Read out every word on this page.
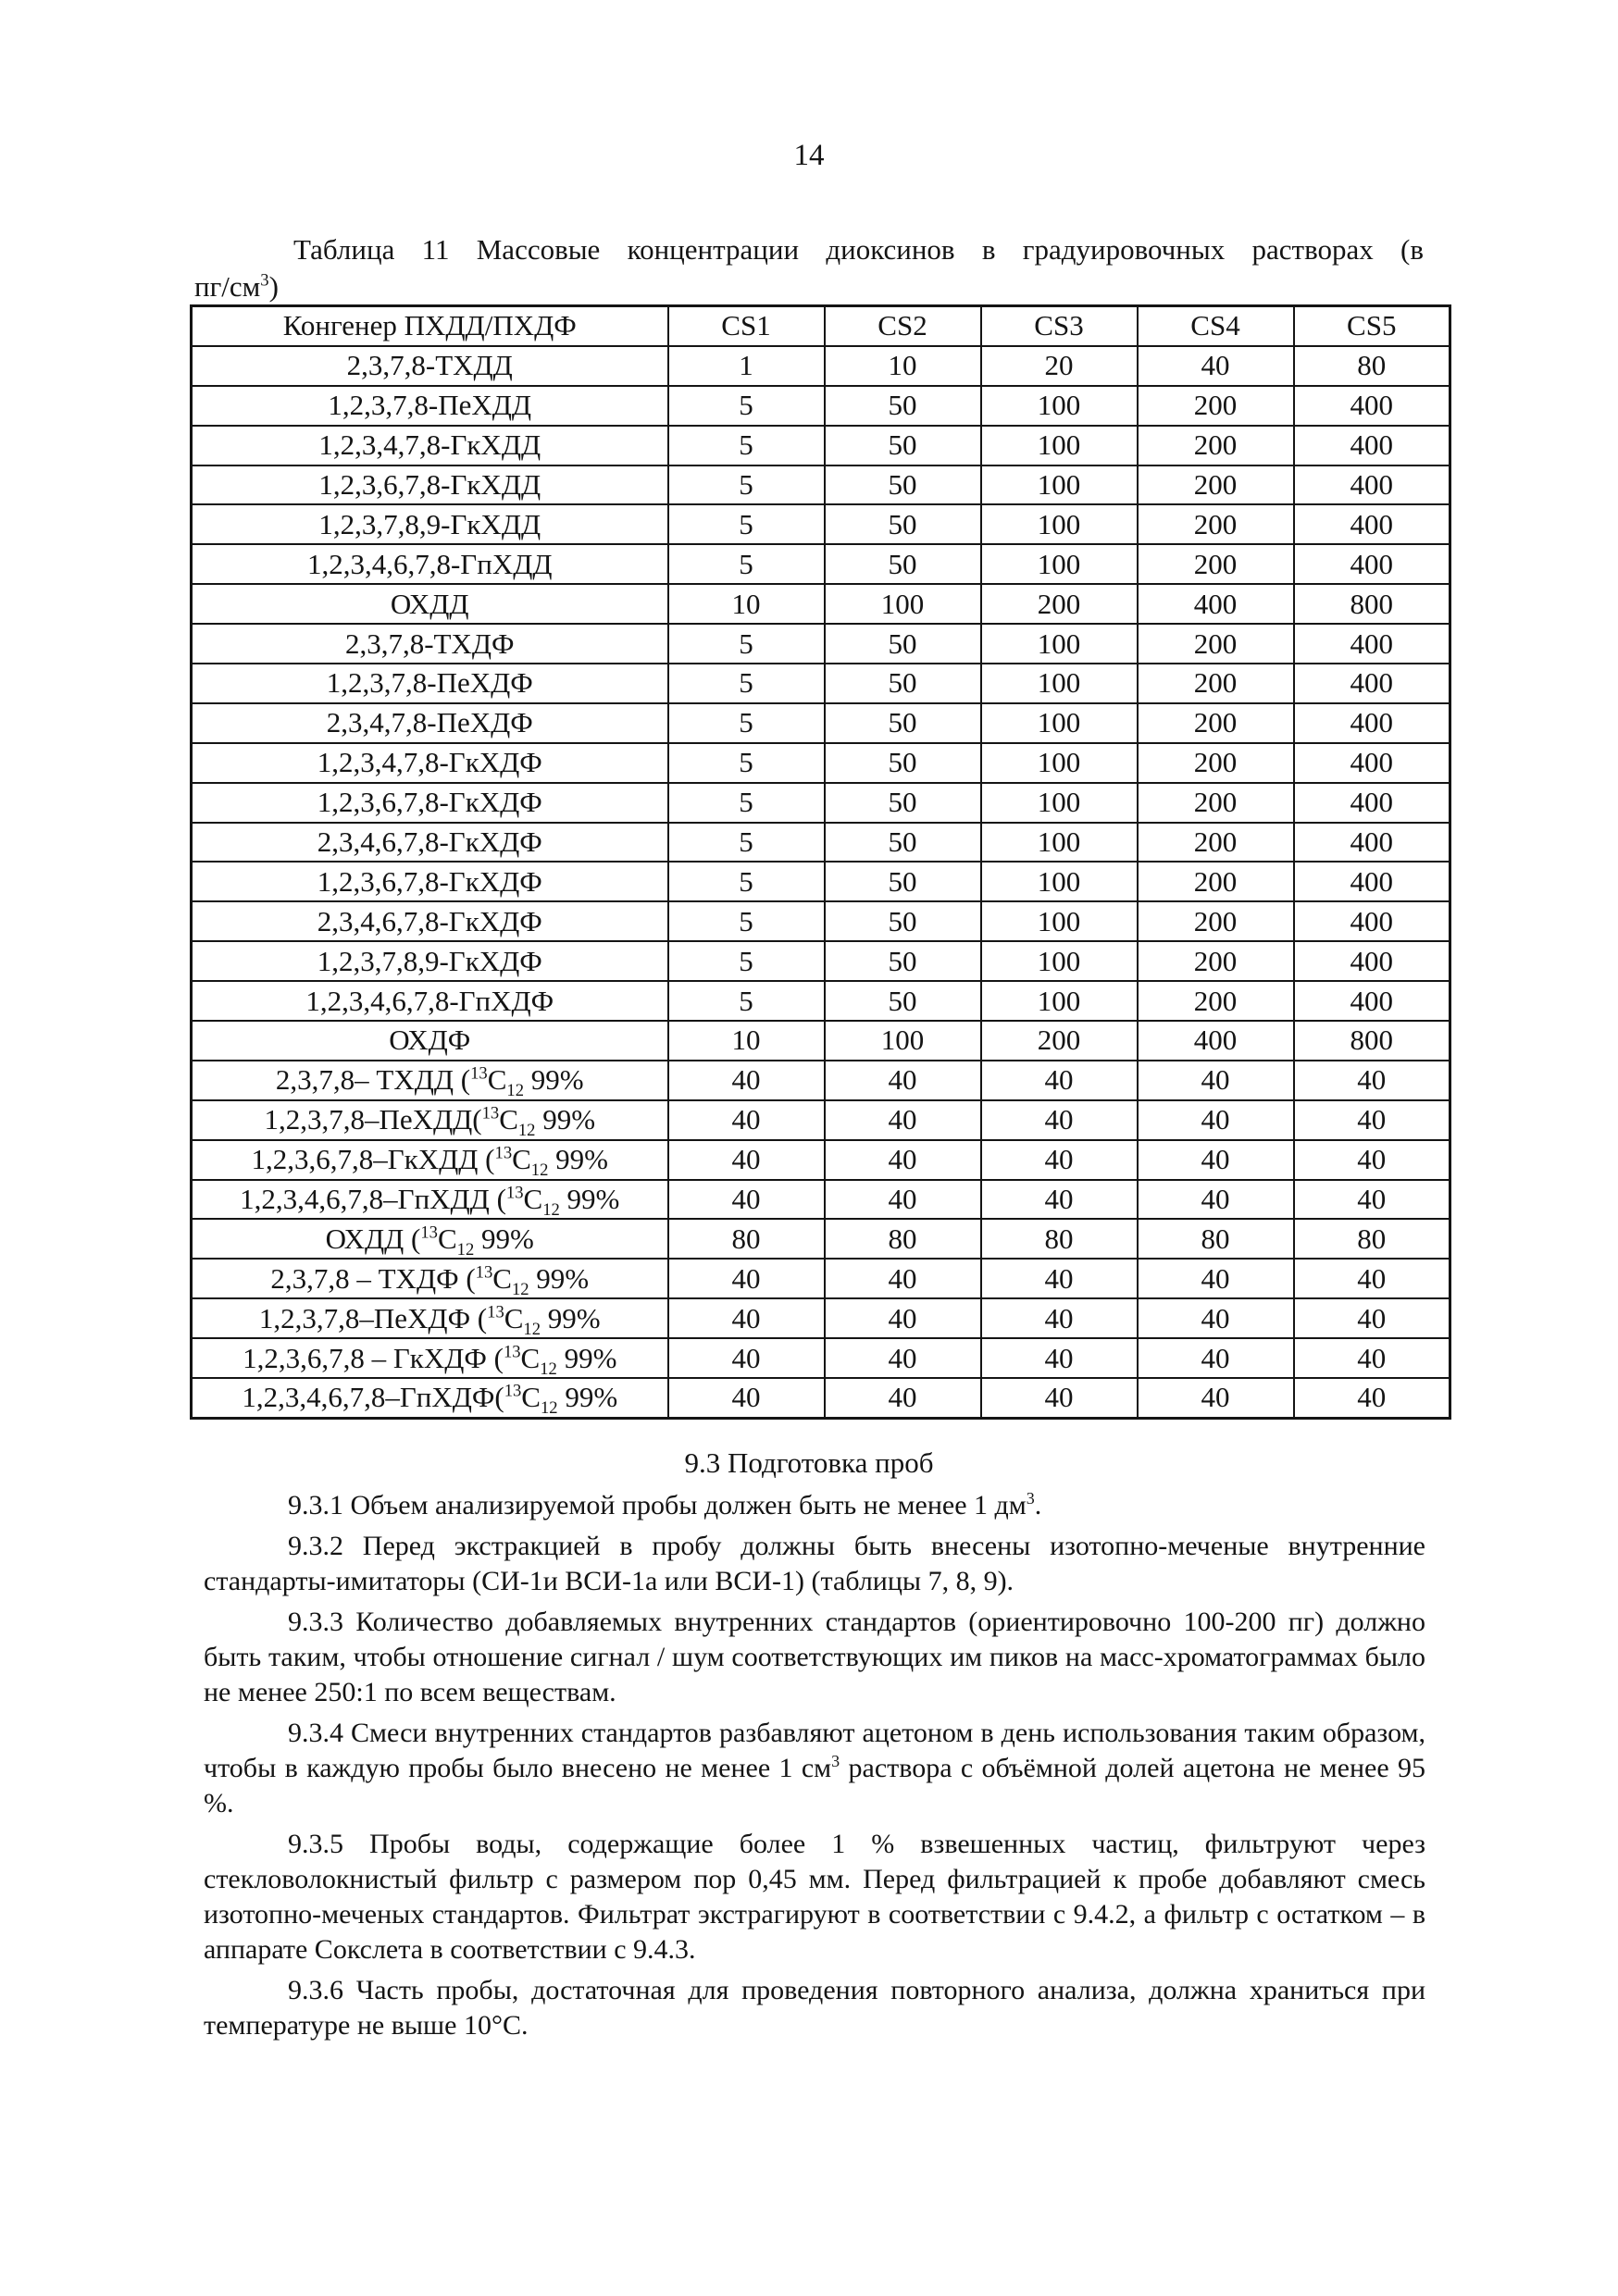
14
Таблица 11 Массовые концентрации диоксинов в градуировочных растворах (в
$пг/см^3$)
Конгенер ПХДД/ПХДФ	CS1	CS2	CS3	CS4	CS5
2,3,7,8-ТХДД	1	10	20	40	80
1,2,3,7,8-ПеХДД	5	50	100	200	400
1,2,3,4,7,8-ГкХДД	5	50	100	200	400
1,2,3,6,7,8-ГкХДД	5	50	100	200	400
1,2,3,7,8,9-ГкХДД	5	50	100	200	400
1,2,3,4,6,7,8-ГпХДД	5	50	100	200	400
ОХДД	10	100	200	400	800
2,3,7,8-ТХДФ	5	50	100	200	400
1,2,3,7,8-ПеХДФ	5	50	100	200	400
2,3,4,7,8-ПеХДФ	5	50	100	200	400
1,2,3,4,7,8-ГкХДФ	5	50	100	200	400
1,2,3,6,7,8-ГкХДФ	5	50	100	200	400
2,3,4,6,7,8-ГкХДФ	5	50	100	200	400
1,2,3,6,7,8-ГкХДФ	5	50	100	200	400
2,3,4,6,7,8-ГкХДФ	5	50	100	200	400
1,2,3,7,8,9-ГкХДФ	5	50	100	200	400
1,2,3,4,6,7,8-ГпХДФ	5	50	100	200	400
ОХДФ	10	100	200	400	800
2,3,7,8– ТХДД ($^{13}С_{12}$ 99%	40	40	40	40	40
$1,2,3,7,8-ПеХДД(^{13}С_{12}$ 99%	40	40	40	40	40
1,2,3,6,7,8–ГкХДД ($^{13}С_{12}$ 99%	40	40	40	40	40
1,2,3,4,6,7,8–ГпХДД ($^{13}С_{12}$ 99%	40	40	40	40	40
ОХДД ($^{13}С_{12}$ 99%	80	80	80	80	80
2,3,7,8 – ТХДФ ($^{13}С_{12}$ 99%	40	40	40	40	40
1,2,3,7,8–ПеХДФ ($^{13}С_{12}$ 99%	40	40	40	40	40
1,2,3,6,7,8 – ГкХДФ ($^{13}С_{12}$ 99%	40	40	40	40	40
$1,2,3,4,6,7,8-ГпХДФ(^{13}С_{12}$ 99%	40	40	40	40	40
9.3 Подготовка проб

9.3.1 Объем анализируемой пробы должен быть не менее 1 $дм^3$.

9.3.2 Перед экстракцией в пробу должны быть внесены изотопно-меченые внутренние стандарты-имитаторы (СИ-1и ВСИ-1а или ВСИ-1) (таблицы 7, 8, 9).

9.3.3 Количество добавляемых внутренних стандартов (ориентировочно 100-200 пг) должно быть таким, чтобы отношение сигнал / шум соответствующих им пиков на масс-хроматограммах было не менее 250:1 по всем веществам.

9.3.4 Смеси внутренних стандартов разбавляют ацетоном в день использования таким образом, чтобы в каждую пробы было внесено не менее 1 $см^3$ раствора с объёмной долей ацетона не менее 95 %.

9.3.5 Пробы воды, содержащие более 1 % взвешенных частиц, фильтруют через стекловолокнистый фильтр с размером пор 0,45 мм. Перед фильтрацией к пробе добавляют смесь изотопно-меченых стандартов. Фильтрат экстрагируют в соответствии с 9.4.2, а фильтр с остатком – в аппарате Сокслета в соответствии с 9.4.3.

9.3.6 Часть пробы, достаточная для проведения повторного анализа, должна храниться при температуре не выше 10°С.
